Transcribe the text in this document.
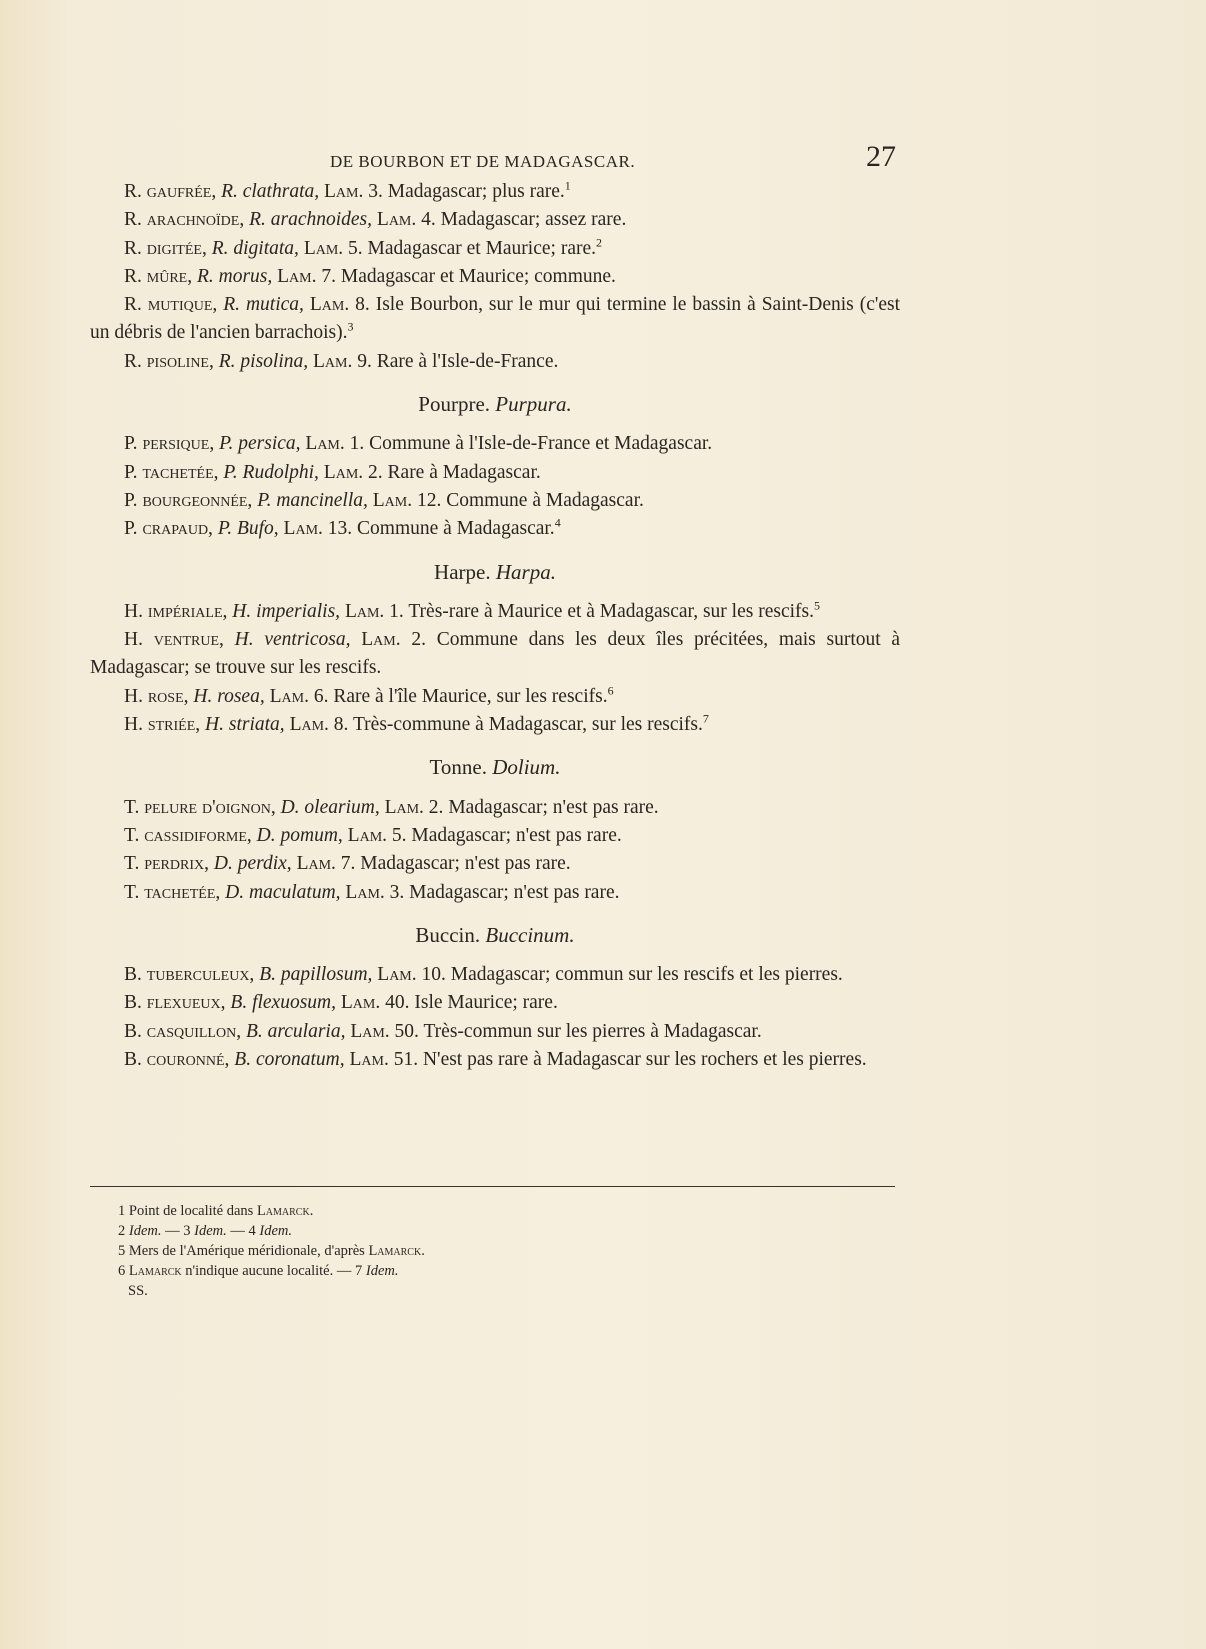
DE BOURBON ET DE MADAGASCAR.	27

R. gaufrée, R. clathrata, Lam. 3. Madagascar; plus rare.$^1$

R. arachnoïde, R. arachnoides, Lam. 4. Madagascar; assez rare.

R. digitée, R. digitata, Lam. 5. Madagascar et Maurice; rare.$^2$

R. mûre, R. morus, Lam. 7. Madagascar et Maurice; commune.

R. mutique, R. mutica, Lam. 8. Isle Bourbon, sur le mur qui termine le bassin à Saint-Denis (c'est un débris de l'ancien barrachois).$^3$

R. pisoline, R. pisolina, Lam. 9. Rare à l'Isle-de-France.

Pourpre. Purpura.

P. persique, P. persica, Lam. 1. Commune à l'Isle-de-France et Madagascar.

P. tachetée, P. Rudolphi, Lam. 2. Rare à Madagascar.

P. bourgeonnée, P. mancinella, Lam. 12. Commune à Madagascar.

P. crapaud, P. Bufo, Lam. 13. Commune à Madagascar.$^4$

Harpe. Harpa.

H. impériale, H. imperialis, Lam. 1. Très-rare à Maurice et à Madagascar, sur les rescifs.$^5$

H. ventrue, H. ventricosa, Lam. 2. Commune dans les deux îles précitées, mais surtout à Madagascar; se trouve sur les rescifs.

H. rose, H. rosea, Lam. 6. Rare à l'île Maurice, sur les rescifs.$^6$

H. striée, H. striata, Lam. 8. Très-commune à Madagascar, sur les rescifs.$^7$

Tonne. Dolium.

T. pelure d'oignon, D. olearium, Lam. 2. Madagascar; n'est pas rare.

T. cassidiforme, D. pomum, Lam. 5. Madagascar; n'est pas rare.

T. perdrix, D. perdix, Lam. 7. Madagascar; n'est pas rare.

T. tachetée, D. maculatum, Lam. 3. Madagascar; n'est pas rare.

Buccin. Buccinum.

B. tuberculeux, B. papillosum, Lam. 10. Madagascar; commun sur les rescifs et les pierres.

B. flexueux, B. flexuosum, Lam. 40. Isle Maurice; rare.

B. casquillon, B. arcularia, Lam. 50. Très-commun sur les pierres à Madagascar.

B. couronné, B. coronatum, Lam. 51. N'est pas rare à Madagascar sur les rochers et les pierres.

1 Point de localité dans Lamarck.

2 Idem. — 3 Idem. — 4 Idem.

5 Mers de l'Amérique méridionale, d'après Lamarck.

6 Lamarck n'indique aucune localité. — 7 Idem.

SS.
